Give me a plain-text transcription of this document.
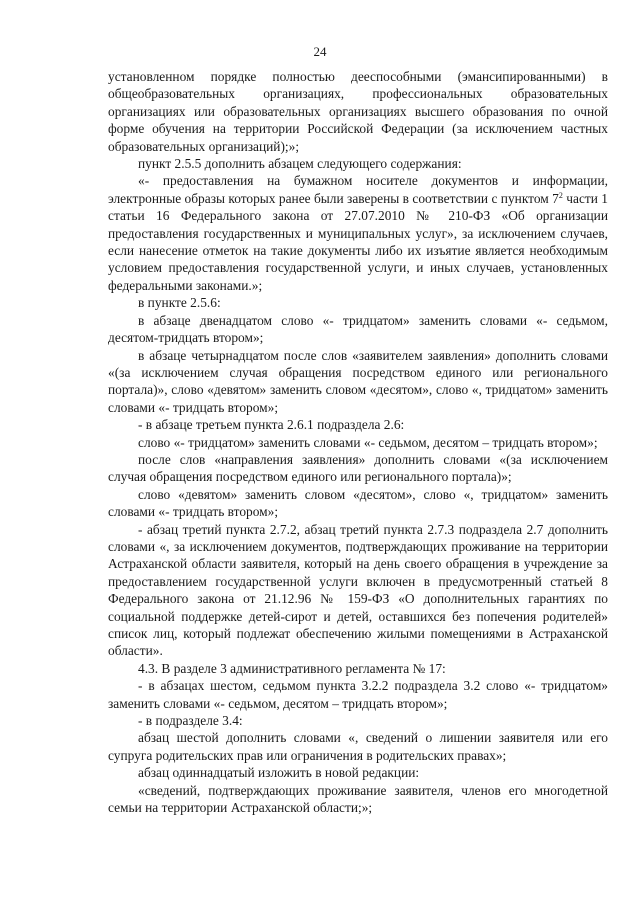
24

установленном порядке полностью дееспособными (эмансипированными) в общеобразовательных организациях, профессиональных образовательных организациях или образовательных организациях высшего образования по очной форме обучения на территории Российской Федерации (за исключением частных образовательных организаций);»;

пункт 2.5.5 дополнить абзацем следующего содержания:

«- предоставления на бумажном носителе документов и информации, электронные образы которых ранее были заверены в соответствии с пунктом $7^2$ части 1 статьи 16 Федерального закона от 27.07.2010 № 210-ФЗ «Об организации предоставления государственных и муниципальных услуг», за исключением случаев, если нанесение отметок на такие документы либо их изъятие является необходимым условием предоставления государственной услуги, и иных случаев, установленных федеральными законами.»;

в пункте 2.5.6:

в абзаце двенадцатом слово «- тридцатом» заменить словами «- седьмом, десятом-тридцать втором»;

в абзаце четырнадцатом после слов «заявителем заявления» дополнить словами «(за исключением случая обращения посредством единого или регионального портала)», слово «девятом» заменить словом «десятом», слово «, тридцатом» заменить словами «- тридцать втором»;

- в абзаце третьем пункта 2.6.1 подраздела 2.6:

слово «- тридцатом» заменить словами «- седьмом, десятом – тридцать втором»;

после слов «направления заявления» дополнить словами «(за исключением случая обращения посредством единого или регионального портала)»;

слово «девятом» заменить словом «десятом», слово «, тридцатом» заменить словами «- тридцать втором»;

- абзац третий пункта 2.7.2, абзац третий пункта 2.7.3 подраздела 2.7 дополнить словами «, за исключением документов, подтверждающих проживание на территории Астраханской области заявителя, который на день своего обращения в учреждение за предоставлением государственной услуги включен в предусмотренный статьей 8 Федерального закона от 21.12.96 № 159-ФЗ «О дополнительных гарантиях по социальной поддержке детей-сирот и детей, оставшихся без попечения родителей» список лиц, который подлежат обеспечению жилыми помещениями в Астраханской области».

4.3. В разделе 3 административного регламента № 17:

- в абзацах шестом, седьмом пункта 3.2.2 подраздела 3.2 слово «- тридцатом» заменить словами «- седьмом, десятом – тридцать втором»;

- в подразделе 3.4:

абзац шестой дополнить словами «, сведений о лишении заявителя или его супруга родительских прав или ограничения в родительских правах»;

абзац одиннадцатый изложить в новой редакции:

«сведений, подтверждающих проживание заявителя, членов его многодетной семьи на территории Астраханской области;»;
